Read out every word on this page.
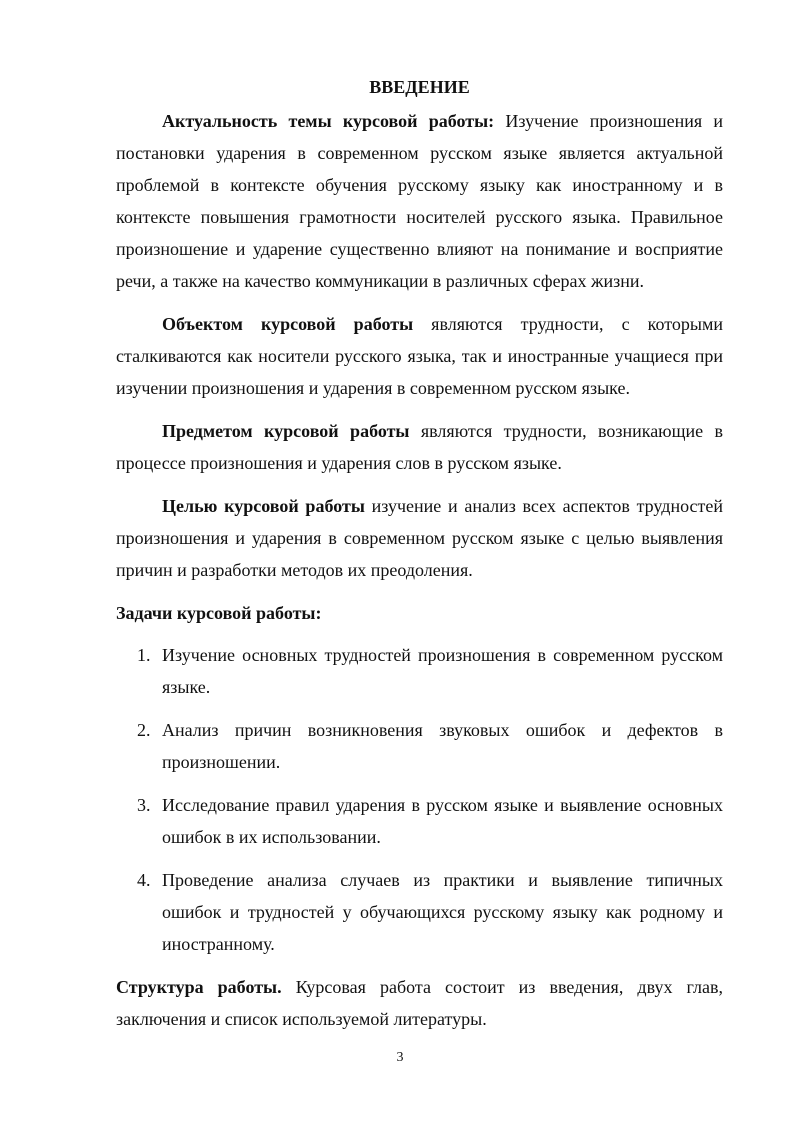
ВВЕДЕНИЕ

Актуальность темы курсовой работы: Изучение произношения и постановки ударения в современном русском языке является актуальной проблемой в контексте обучения русскому языку как иностранному и в контексте повышения грамотности носителей русского языка. Правильное произношение и ударение существенно влияют на понимание и восприятие речи, а также на качество коммуникации в различных сферах жизни.

Объектом курсовой работы являются трудности, с которыми сталкиваются как носители русского языка, так и иностранные учащиеся при изучении произношения и ударения в современном русском языке.

Предметом курсовой работы являются трудности, возникающие в процессе произношения и ударения слов в русском языке.

Целью курсовой работы изучение и анализ всех аспектов трудностей произношения и ударения в современном русском языке с целью выявления причин и разработки методов их преодоления.

Задачи курсовой работы:
1. Изучение основных трудностей произношения в современном русском языке.
2. Анализ причин возникновения звуковых ошибок и дефектов в произношении.
3. Исследование правил ударения в русском языке и выявление основных ошибок в их использовании.
4. Проведение анализа случаев из практики и выявление типичных ошибок и трудностей у обучающихся русскому языку как родному и иностранному.

Структура работы. Курсовая работа состоит из введения, двух глав, заключения и список используемой литературы.

3
